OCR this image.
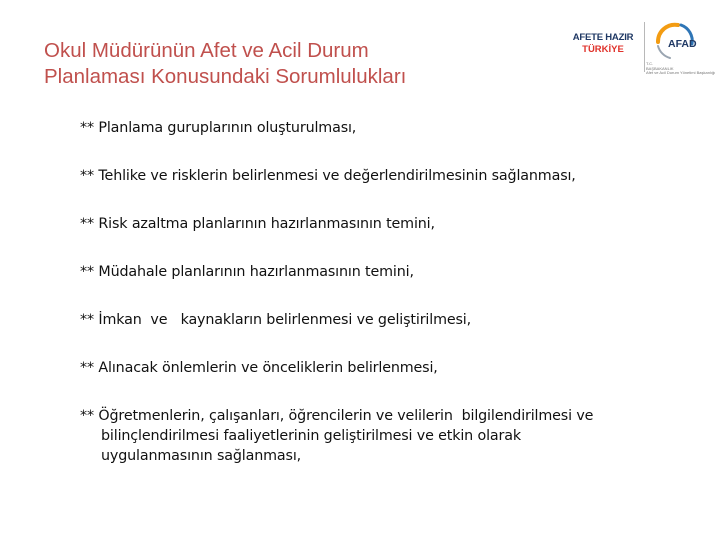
Okul Müdürünün Afet ve Acil Durum
Planlaması Konusundaki Sorumlulukları
AFETE HAZIR
TÜRKİYE	AFAD
T.C.
BAŞBAKANLIK
Afet ve Acil Durum Yönetimi Başkanlığı
** Planlama guruplarının oluşturulması,
** Tehlike ve risklerin belirlenmesi ve değerlendirilmesinin sağlanması,
** Risk azaltma planlarının hazırlanmasının temini,
** Müdahale planlarının hazırlanmasının temini,
** İmkan  ve   kaynakların belirlenmesi ve geliştirilmesi,
** Alınacak önlemlerin ve önceliklerin belirlenmesi,
** Öğretmenlerin, çalışanları, öğrencilerin ve velilerin  bilgilendirilmesi ve
bilinçlendirilmesi faaliyetlerinin geliştirilmesi ve etkin olarak
uygulanmasının sağlanması,
